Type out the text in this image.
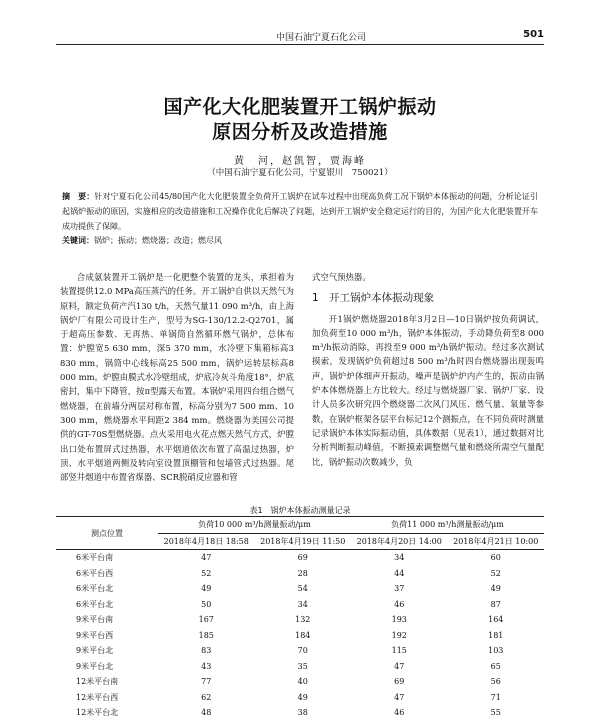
中国石油宁夏石化公司	501
国产化大化肥装置开工锅炉振动
原因分析及改造措施
黄　河，赵凯智，贾海峰
（中国石油宁夏石化公司，宁夏银川　750021）
摘　要：针对宁夏石化公司45/80国产化大化肥装置全负荷开工锅炉在试车过程中出现高负荷工况下锅炉本体振动的问题，分析论证引起锅炉振动的原因，实施相应的改造措施和工况操作优化后解决了问题，达到开工锅炉安全稳定运行的目的，为国产化大化肥装置开车成功提供了保障。
关键词：锅炉；振动；燃烧器；改造；燃尽风

合成氨装置开工锅炉是一化肥整个装置的龙头，承担着为装置提供12.0 MPa高压蒸汽的任务。开工锅炉自供以天然气为原料，额定负荷产汽130 t/h，天然气量11 090 m³/h，由上海锅炉厂有限公司设计生产，型号为SG-130/12.2-Q2701，属于超高压参数、无再热、单锅筒自然循环燃气锅炉，总体布置：炉膛宽5 630 mm，深5 370 mm，水冷壁下集箱标高3 830 mm，锅筒中心线标高25 500 mm，锅炉运转层标高8 000 mm。炉膛由膜式水冷壁组成，炉底冷灰斗角度18°，炉底密封，集中下降管，按π型露天布置。本锅炉采用四台组合燃气燃烧器，在前墙分两层对称布置，标高分别为7 500 mm、10 300 mm，燃烧器水平间距2 384 mm。燃烧器为美国公司提供的GT-70S型燃烧器。点火采用电火花点燃天然气方式，炉膛出口处布置屏式过热器，水平烟道依次布置了高温过热器，炉顶、水平烟道两侧及转向室设置顶棚管和包墙管式过热器。尾部竖井烟道中布置省煤器、SCR脱硝反应器和管

式空气预热器。
1　开工锅炉本体振动现象

开1锅炉燃烧器2018年3月2日—10日锅炉按负荷调试，加负荷至10 000 m³/h，锅炉本体振动，手动降负荷至8 000 m³/h振动消除，再投至9 000 m³/h锅炉振动。经过多次测试摸索，发现锅炉负荷超过8 500 m³/h时四台燃烧器出现轰鸣声，锅炉炉体细声开振动，噪声是锅炉炉内产生的，振动由锅炉本体燃烧器上方比较大。经过与燃烧器厂家、锅炉厂家、设计人员多次研究四个燃烧器二次风门风压、燃气量、氧量等参数，在锅炉框架各层平台标记12个测振点，在不同负荷时测量记录锅炉本体实际振动值，具体数据（见表1），通过数据对比分析判断振动峰值，不断摸索调整燃气量和燃烧所需空气量配比，锅炉振动次数减少，负

表1　锅炉本体振动测量记录
测点位置	负荷10 000 m³/h测量振动/μm		负荷11 000 m³/h测量振动/μm	
	2018年4月18日 18:58	2018年4月19日 11:50	2018年4月20日 14:00	2018年4月21日 10:00
6米平台南	47	69	34	60
6米平台西	52	28	44	52
6米平台北	49	54	37	49
6米平台北	50	34	46	87
9米平台南	167	132	193	164
9米平台西	185	184	192	181
9米平台北	83	70	115	103
9米平台北	43	35	47	65
12米平台南	77	40	69	56
12米平台西	62	49	47	71
12米平台北	48	38	46	55
